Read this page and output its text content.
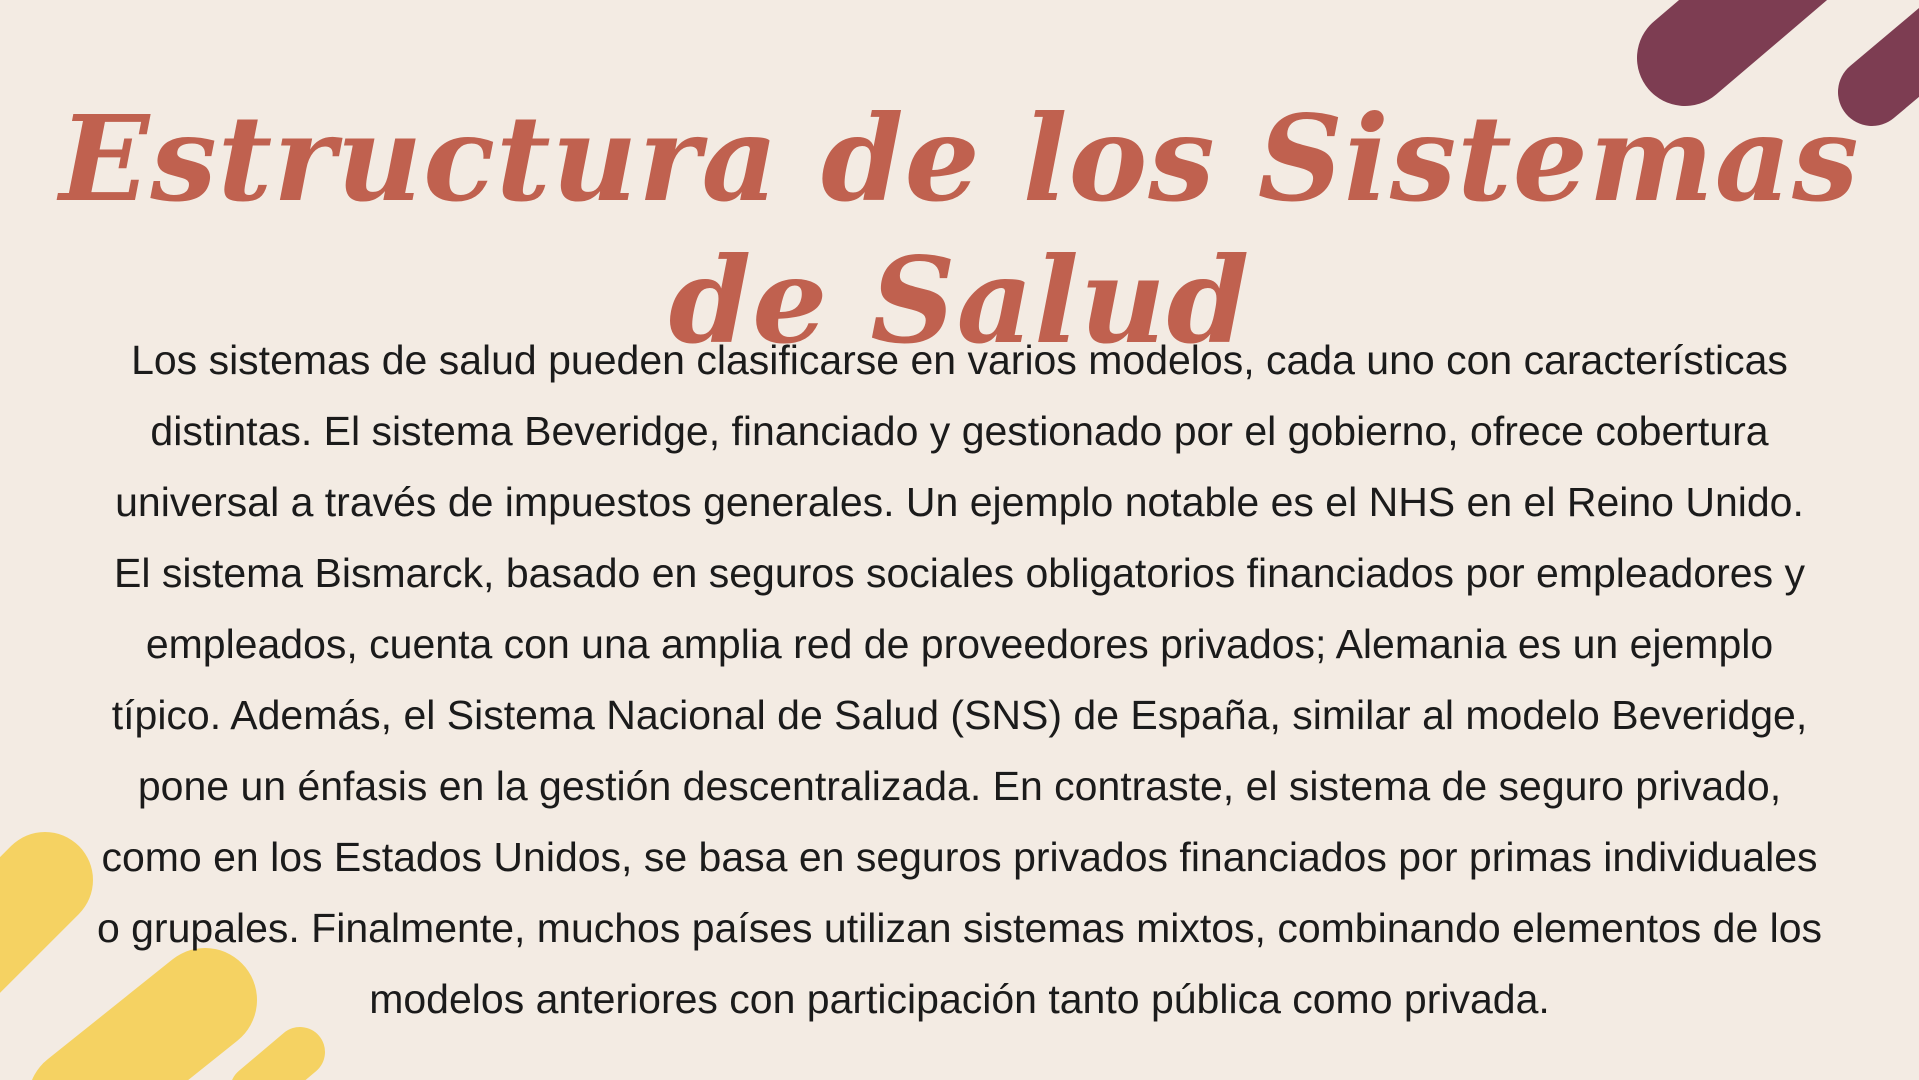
Estructura de los Sistemas de Salud

Los sistemas de salud pueden clasificarse en varios modelos, cada uno con características distintas. El sistema Beveridge, financiado y gestionado por el gobierno, ofrece cobertura universal a través de impuestos generales. Un ejemplo notable es el NHS en el Reino Unido. El sistema Bismarck, basado en seguros sociales obligatorios financiados por empleadores y empleados, cuenta con una amplia red de proveedores privados; Alemania es un ejemplo típico. Además, el Sistema Nacional de Salud (SNS) de España, similar al modelo Beveridge, pone un énfasis en la gestión descentralizada. En contraste, el sistema de seguro privado, como en los Estados Unidos, se basa en seguros privados financiados por primas individuales o grupales. Finalmente, muchos países utilizan sistemas mixtos, combinando elementos de los modelos anteriores con participación tanto pública como privada.
